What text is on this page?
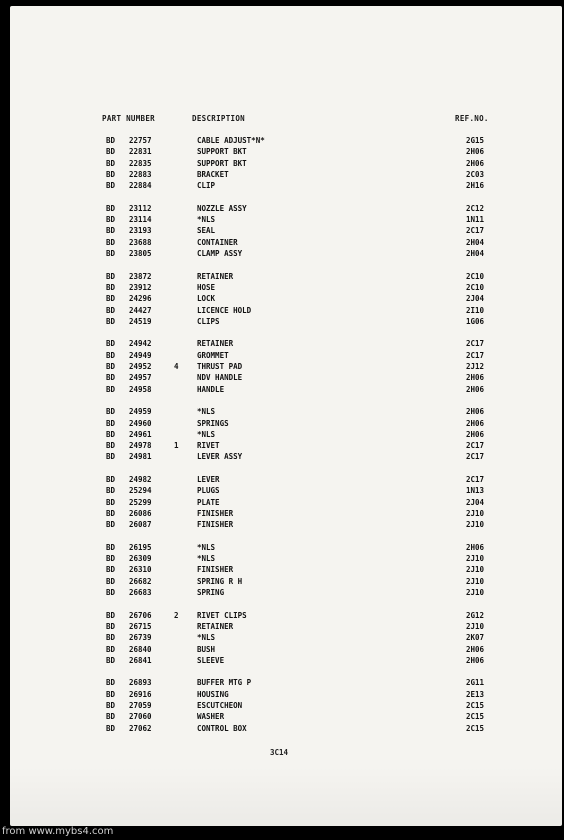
PART NUMBER	DESCRIPTION	REF.NO.
BD 22757	CABLE ADJUST*N*	2G15
BD 22831	SUPPORT BKT	2H06
BD 22835	SUPPORT BKT	2H06
BD 22883	BRACKET	2C03
BD 22884	CLIP	2H16
BD 23112	NOZZLE ASSY	2C12
BD 23114	*NLS	1N11
BD 23193	SEAL	2C17
BD 23688	CONTAINER	2H04
BD 23805	CLAMP ASSY	2H04
BD 23872	RETAINER	2C10
BD 23912	HOSE	2C10
BD 24296	LOCK	2J04
BD 24427	LICENCE HOLD	2I10
BD 24519	CLIPS	1G06
BD 24942	RETAINER	2C17
BD 24949	GROMMET	2C17
BD 24952	4 THRUST PAD	2J12
BD 24957	NDV HANDLE	2H06
BD 24958	HANDLE	2H06
BD 24959	*NLS	2H06
BD 24960	SPRINGS	2H06
BD 24961	*NLS	2H06
BD 24978	1 RIVET	2C17
BD 24981	LEVER ASSY	2C17
BD 24982	LEVER	2C17
BD 25294	PLUGS	1N13
BD 25299	PLATE	2J04
BD 26086	FINISHER	2J10
BD 26087	FINISHER	2J10
BD 26195	*NLS	2H06
BD 26309	*NLS	2J10
BD 26310	FINISHER	2J10
BD 26682	SPRING R H	2J10
BD 26683	SPRING	2J10
BD 26706	2 RIVET CLIPS	2G12
BD 26715	RETAINER	2J10
BD 26739	*NLS	2K07
BD 26840	BUSH	2H06
BD 26841	SLEEVE	2H06
BD 26893	BUFFER MTG P	2G11
BD 26916	HOUSING	2E13
BD 27059	ESCUTCHEON	2C15
BD 27060	WASHER	2C15
BD 27062	CONTROL BOX	2C15
3C14
from www.mybs4.com
